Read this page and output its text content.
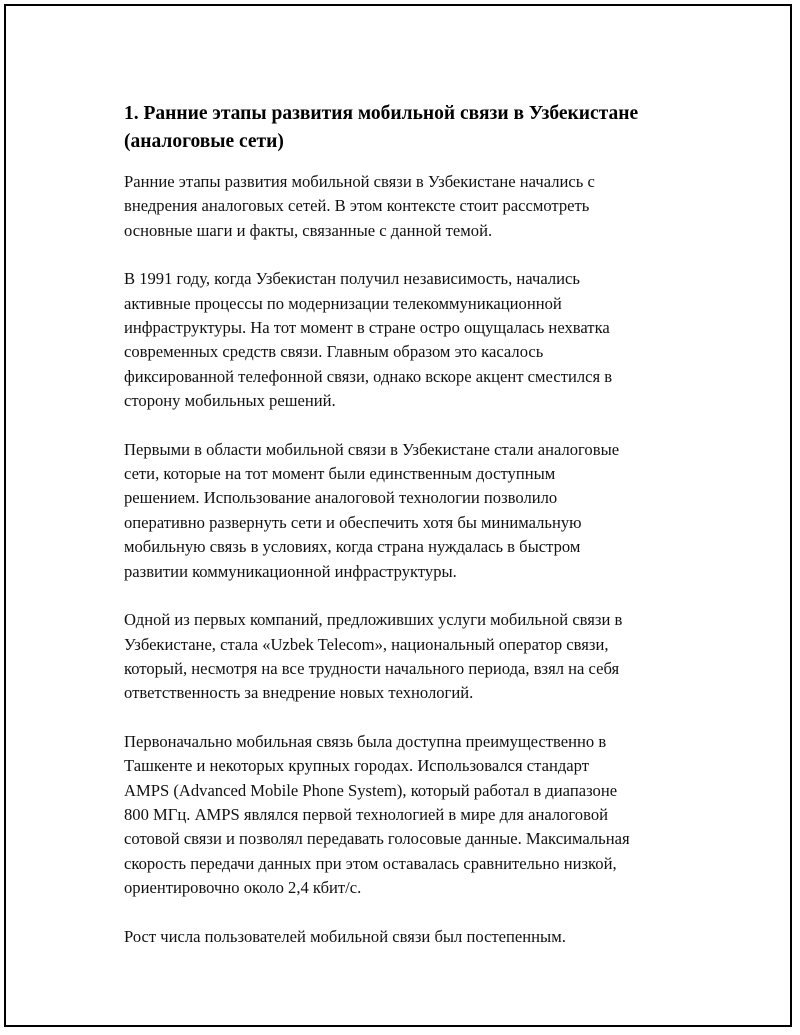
1. Ранние этапы развития мобильной связи в Узбекистане
(аналоговые сети)

Ранние этапы развития мобильной связи в Узбекистане начались с
внедрения аналоговых сетей. В этом контексте стоит рассмотреть
основные шаги и факты, связанные с данной темой.

В 1991 году, когда Узбекистан получил независимость, начались
активные процессы по модернизации телекоммуникационной
инфраструктуры. На тот момент в стране остро ощущалась нехватка
современных средств связи. Главным образом это касалось
фиксированной телефонной связи, однако вскоре акцент сместился в
сторону мобильных решений.

Первыми в области мобильной связи в Узбекистане стали аналоговые
сети, которые на тот момент были единственным доступным
решением. Использование аналоговой технологии позволило
оперативно развернуть сети и обеспечить хотя бы минимальную
мобильную связь в условиях, когда страна нуждалась в быстром
развитии коммуникационной инфраструктуры.

Одной из первых компаний, предложивших услуги мобильной связи в
Узбекистане, стала «Uzbek Telecom», национальный оператор связи,
который, несмотря на все трудности начального периода, взял на себя
ответственность за внедрение новых технологий.

Первоначально мобильная связь была доступна преимущественно в
Ташкенте и некоторых крупных городах. Использовался стандарт
AMPS (Advanced Mobile Phone System), который работал в диапазоне
800 МГц. AMPS являлся первой технологией в мире для аналоговой
сотовой связи и позволял передавать голосовые данные. Максимальная
скорость передачи данных при этом оставалась сравнительно низкой,
ориентировочно около 2,4 кбит/с.

Рост числа пользователей мобильной связи был постепенным.
